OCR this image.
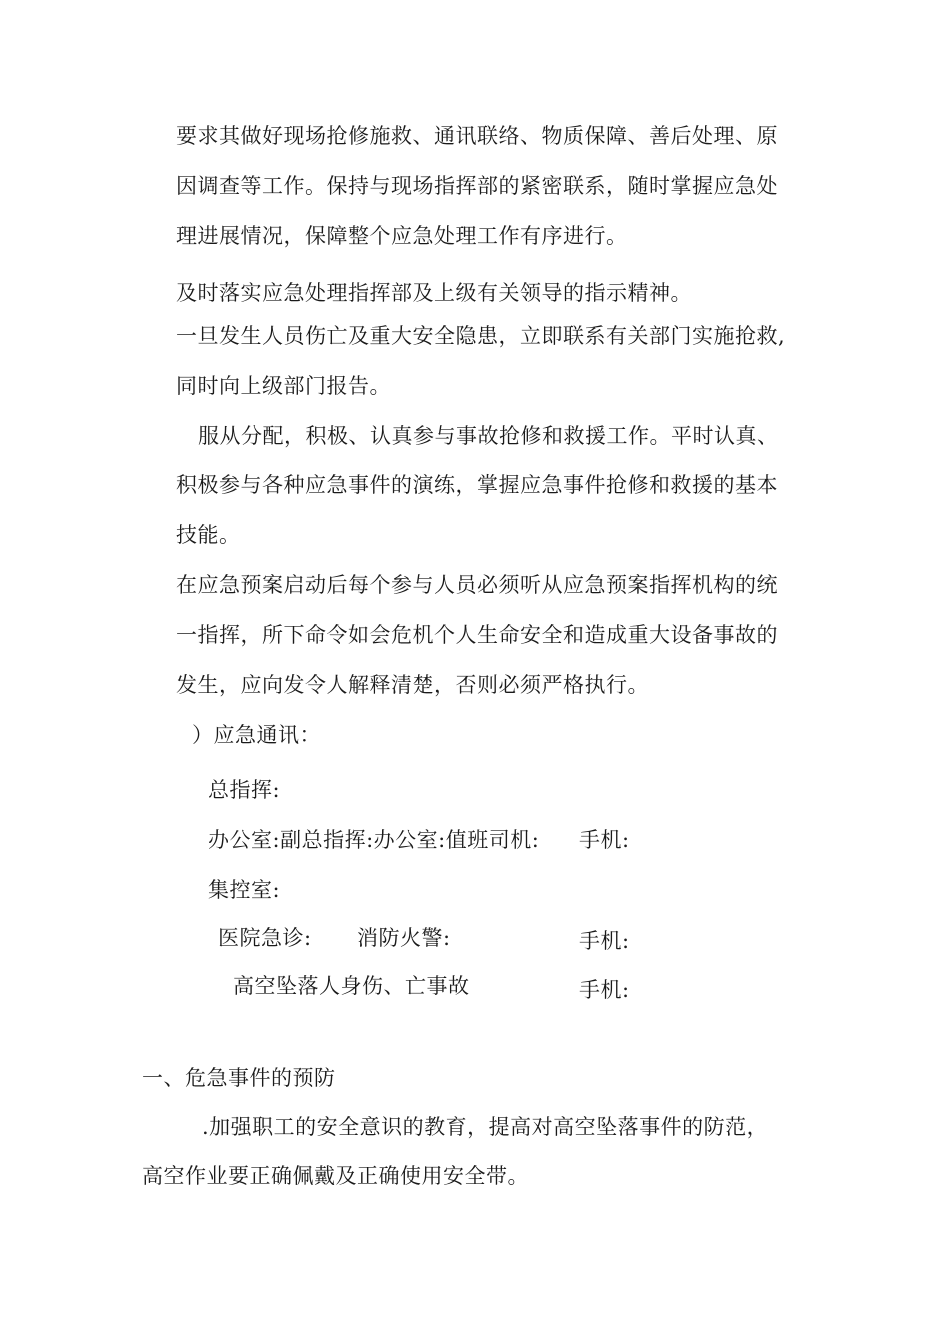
要求其做好现场抢修施救、通讯联络、物质保障、善后处理、原
因调查等工作。保持与现场指挥部的紧密联系，随时掌握应急处
理进展情况，保障整个应急处理工作有序进行。
及时落实应急处理指挥部及上级有关领导的指示精神。
一旦发生人员伤亡及重大安全隐患，立即联系有关部门实施抢救,
同时向上级部门报告。
服从分配，积极、认真参与事故抢修和救援工作。平时认真、
积极参与各种应急事件的演练，掌握应急事件抢修和救援的基本
技能。
在应急预案启动后每个参与人员必须听从应急预案指挥机构的统
一指挥，所下命令如会危机个人生命安全和造成重大设备事故的
发生，应向发令人解释清楚，否则必须严格执行。
）应急通讯：
总指挥:
办公室:副总指挥:办公室:值班司机: 手机:
集控室:
医院急诊: 消防火警:	手机:
高空坠落人身伤、亡事故	手机:
一、危急事件的预防
.加强职工的安全意识的教育，提高对高空坠落事件的防范，
高空作业要正确佩戴及正确使用安全带。
